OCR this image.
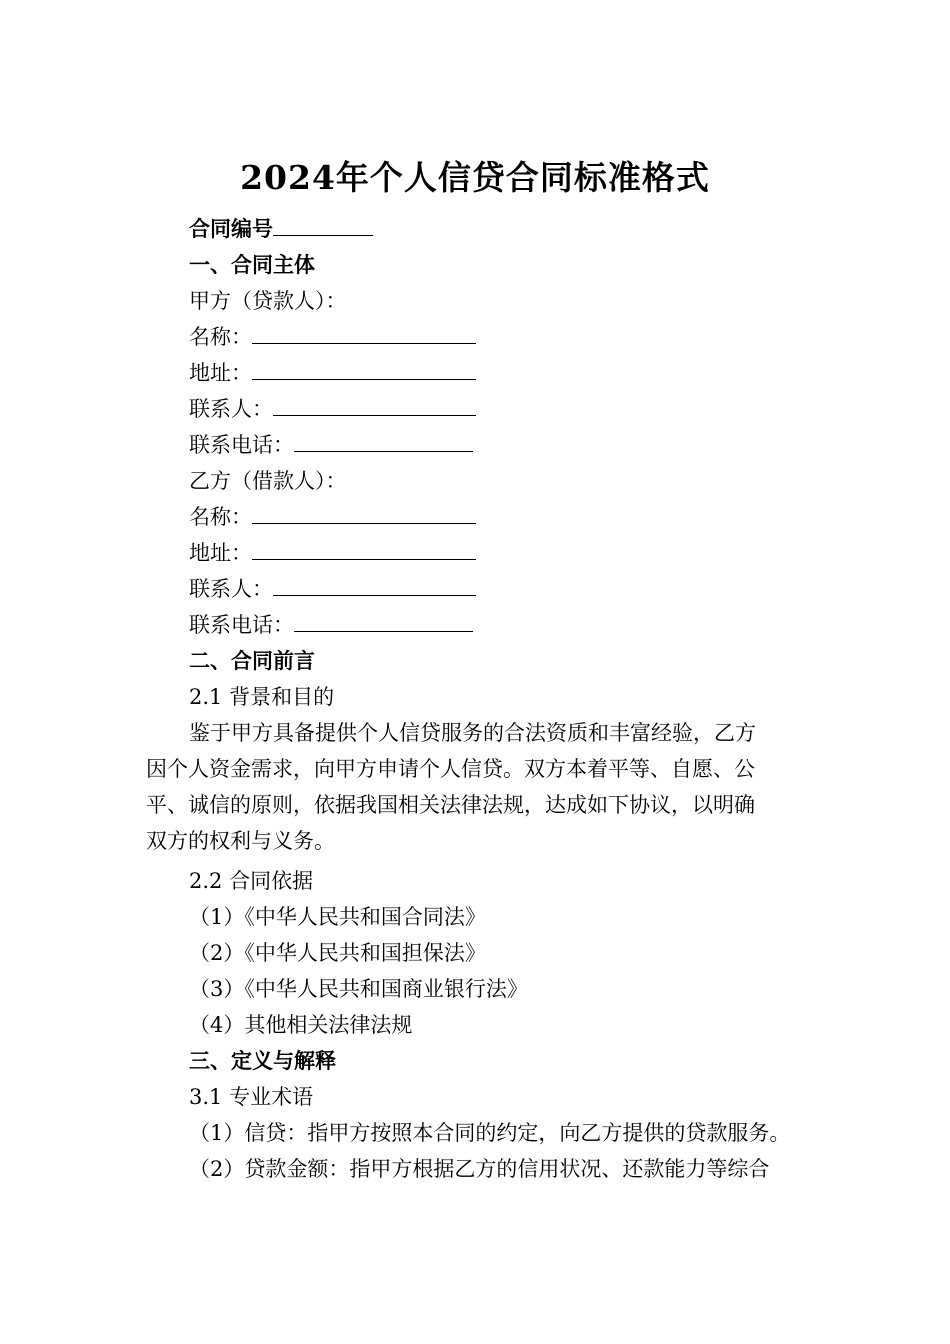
2024年个人信贷合同标准格式
合同编号
一、合同主体
甲方（贷款人）：
名称：
地址：
联系人：
联系电话：
乙方（借款人）：
名称：
地址：
联系人：
联系电话：
二、合同前言
2.1 背景和目的
鉴于甲方具备提供个人信贷服务的合法资质和丰富经验，乙方
因个人资金需求，向甲方申请个人信贷。双方本着平等、自愿、公
平、诚信的原则，依据我国相关法律法规，达成如下协议，以明确
双方的权利与义务。
2.2 合同依据
（1）《中华人民共和国合同法》
（2）《中华人民共和国担保法》
（3）《中华人民共和国商业银行法》
（4）其他相关法律法规
三、定义与解释
3.1 专业术语
（1）信贷：指甲方按照本合同的约定，向乙方提供的贷款服务。
（2）贷款金额：指甲方根据乙方的信用状况、还款能力等综合
